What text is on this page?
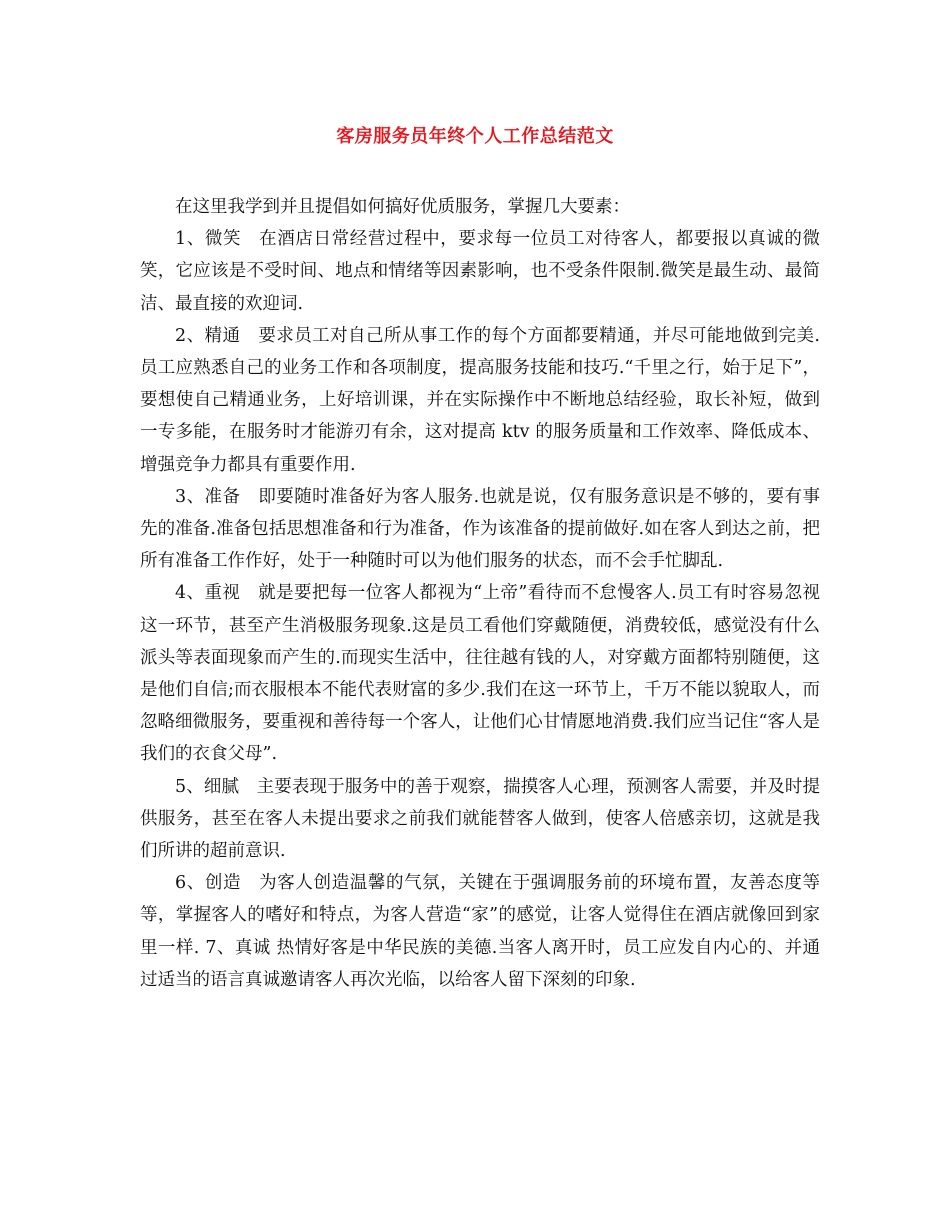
客房服务员年终个人工作总结范文

在这里我学到并且提倡如何搞好优质服务，掌握几大要素：

1、微笑　在酒店日常经营过程中，要求每一位员工对待客人，都要报以真诚的微笑，它应该是不受时间、地点和情绪等因素影响，也不受条件限制.微笑是最生动、最简洁、最直接的欢迎词.

2、精通　要求员工对自己所从事工作的每个方面都要精通，并尽可能地做到完美.员工应熟悉自己的业务工作和各项制度，提高服务技能和技巧.“千里之行，始于足下”，要想使自己精通业务，上好培训课，并在实际操作中不断地总结经验，取长补短，做到一专多能，在服务时才能游刃有余，这对提高 ktv 的服务质量和工作效率、降低成本、增强竞争力都具有重要作用.

3、准备　即要随时准备好为客人服务.也就是说，仅有服务意识是不够的，要有事先的准备.准备包括思想准备和行为准备，作为该准备的提前做好.如在客人到达之前，把所有准备工作作好，处于一种随时可以为他们服务的状态，而不会手忙脚乱.

4、重视　就是要把每一位客人都视为“上帝”看待而不怠慢客人.员工有时容易忽视这一环节，甚至产生消极服务现象.这是员工看他们穿戴随便，消费较低，感觉没有什么派头等表面现象而产生的.而现实生活中，往往越有钱的人，对穿戴方面都特别随便，这是他们自信;而衣服根本不能代表财富的多少.我们在这一环节上，千万不能以貌取人，而忽略细微服务，要重视和善待每一个客人，让他们心甘情愿地消费.我们应当记住“客人是我们的衣食父母”.

5、细腻　主要表现于服务中的善于观察，揣摸客人心理，预测客人需要，并及时提供服务，甚至在客人未提出要求之前我们就能替客人做到，使客人倍感亲切，这就是我们所讲的超前意识.

6、创造　为客人创造温馨的气氛，关键在于强调服务前的环境布置，友善态度等等，掌握客人的嗜好和特点，为客人营造“家”的感觉，让客人觉得住在酒店就像回到家里一样. 7、真诚 热情好客是中华民族的美德.当客人离开时，员工应发自内心的、并通过适当的语言真诚邀请客人再次光临，以给客人留下深刻的印象.
